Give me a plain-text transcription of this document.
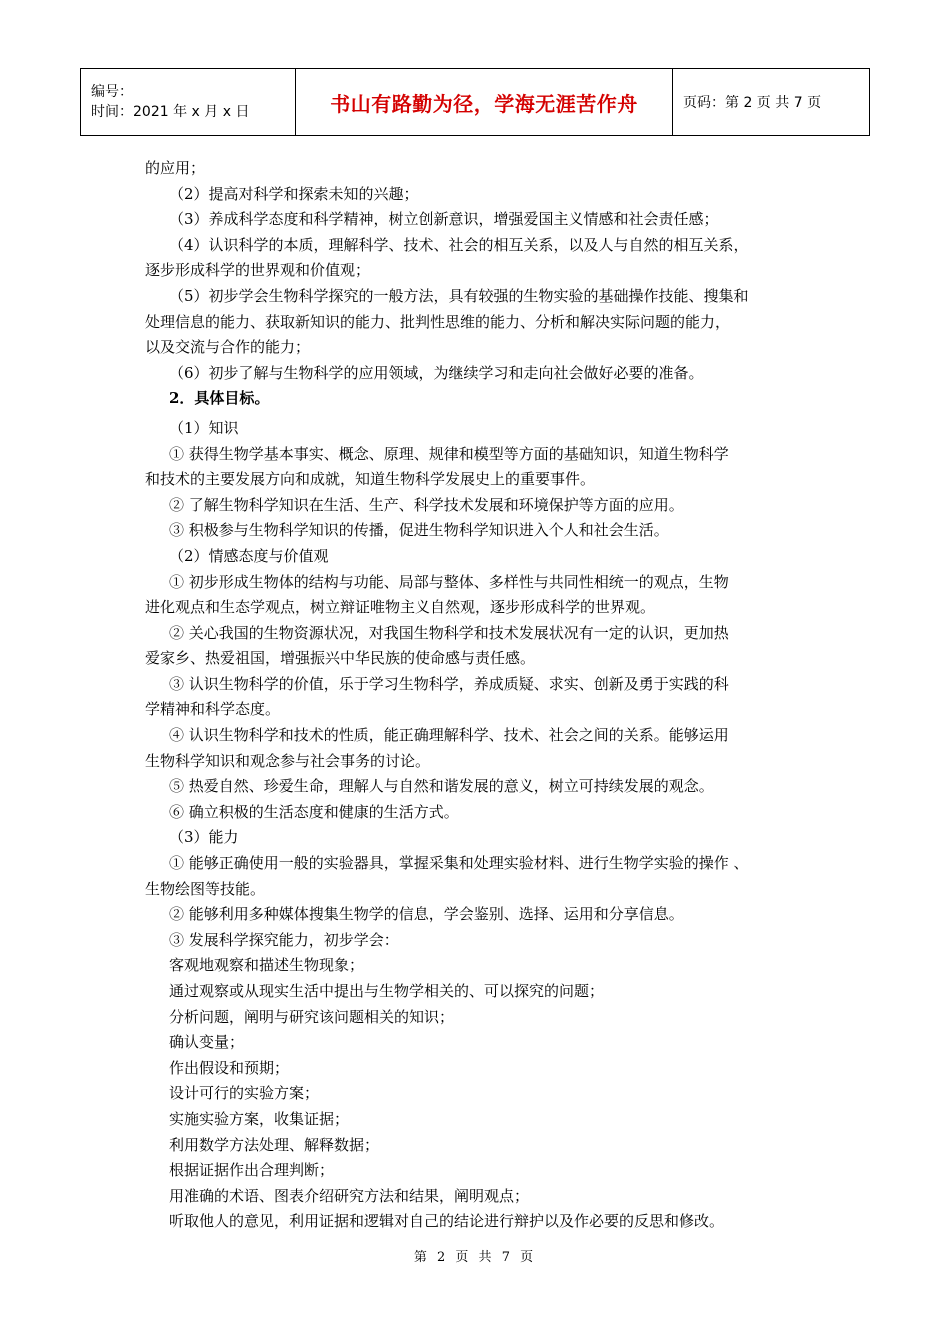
编号：
时间：2021 年 x 月 x 日	书山有路勤为径，学海无涯苦作舟	页码：第 2 页 共 7 页

的应用；

（2）提高对科学和探索未知的兴趣；

（3）养成科学态度和科学精神，树立创新意识，增强爱国主义情感和社会责任感；

（4）认识科学的本质，理解科学、技术、社会的相互关系，以及人与自然的相互关系，

逐步形成科学的世界观和价值观；

（5）初步学会生物科学探究的一般方法，具有较强的生物实验的基础操作技能、搜集和

处理信息的能力、获取新知识的能力、批判性思维的能力、分析和解决实际问题的能力，

以及交流与合作的能力；

（6）初步了解与生物科学的应用领域，为继续学习和走向社会做好必要的准备。

2．具体目标。

（1）知识

① 获得生物学基本事实、概念、原理、规律和模型等方面的基础知识，知道生物科学

和技术的主要发展方向和成就，知道生物科学发展史上的重要事件。

② 了解生物科学知识在生活、生产、科学技术发展和环境保护等方面的应用。

③ 积极参与生物科学知识的传播，促进生物科学知识进入个人和社会生活。

（2）情感态度与价值观

① 初步形成生物体的结构与功能、局部与整体、多样性与共同性相统一的观点，生物

进化观点和生态学观点，树立辩证唯物主义自然观，逐步形成科学的世界观。

② 关心我国的生物资源状况，对我国生物科学和技术发展状况有一定的认识，更加热

爱家乡、热爱祖国，增强振兴中华民族的使命感与责任感。

③ 认识生物科学的价值，乐于学习生物科学，养成质疑、求实、创新及勇于实践的科

学精神和科学态度。

④ 认识生物科学和技术的性质，能正确理解科学、技术、社会之间的关系。能够运用

生物科学知识和观念参与社会事务的讨论。

⑤ 热爱自然、珍爱生命，理解人与自然和谐发展的意义，树立可持续发展的观念。

⑥ 确立积极的生活态度和健康的生活方式。

（3）能力

① 能够正确使用一般的实验器具，掌握采集和处理实验材料、进行生物学实验的操作 、

生物绘图等技能。

② 能够利用多种媒体搜集生物学的信息，学会鉴别、选择、运用和分享信息。

③ 发展科学探究能力，初步学会：

客观地观察和描述生物现象；

通过观察或从现实生活中提出与生物学相关的、可以探究的问题；

分析问题，阐明与研究该问题相关的知识；

确认变量；

作出假设和预期；

设计可行的实验方案；

实施实验方案，收集证据；

利用数学方法处理、解释数据；

根据证据作出合理判断；

用准确的术语、图表介绍研究方法和结果，阐明观点；

听取他人的意见，利用证据和逻辑对自己的结论进行辩护以及作必要的反思和修改。

第 2 页 共 7 页
